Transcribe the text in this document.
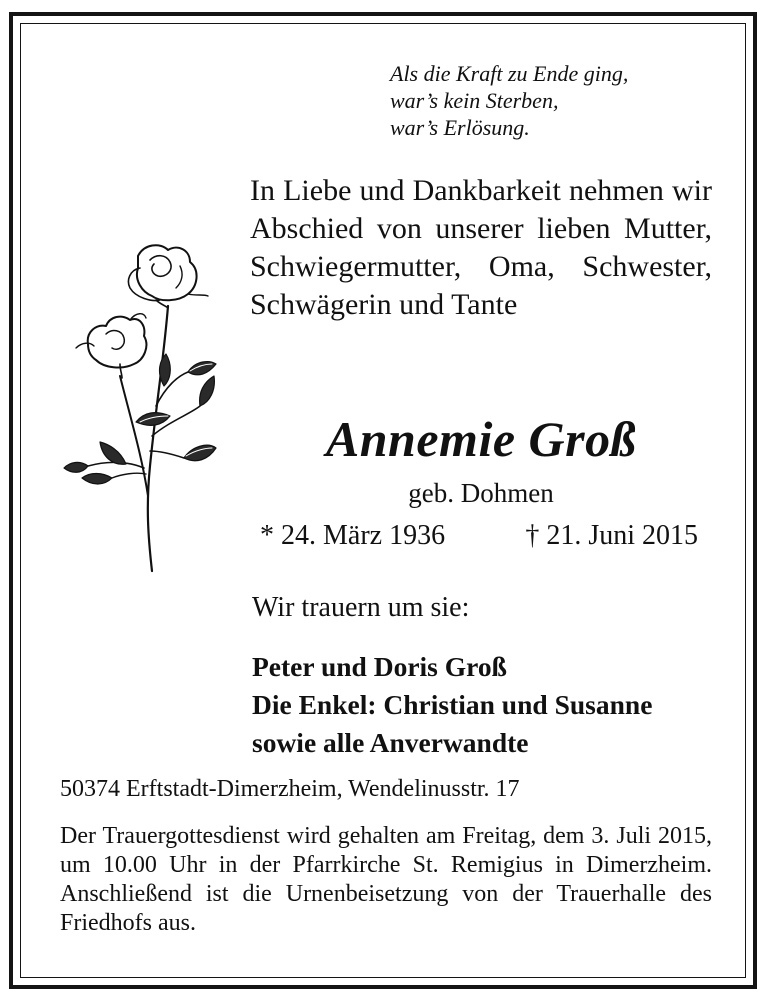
Als die Kraft zu Ende ging,
war’s kein Sterben,
war’s Erlösung.
In Liebe und Dankbarkeit nehmen wir Abschied von unserer lieben Mutter, Schwiegermutter, Oma, Schwester, Schwägerin und Tante
Annemie Groß
geb. Dohmen
* 24. März 1936	† 21. Juni 2015
Wir trauern um sie:
Peter und Doris Groß
Die Enkel: Christian und Susanne
sowie alle Anverwandte
50374 Erftstadt-Dimerzheim, Wendelinusstr. 17
Der Trauergottesdienst wird gehalten am Freitag, dem 3. Juli 2015, um 10.00 Uhr in der Pfarrkirche St. Remigius in Dimerzheim. Anschließend ist die Urnenbeisetzung von der Trauerhalle des Friedhofs aus.
